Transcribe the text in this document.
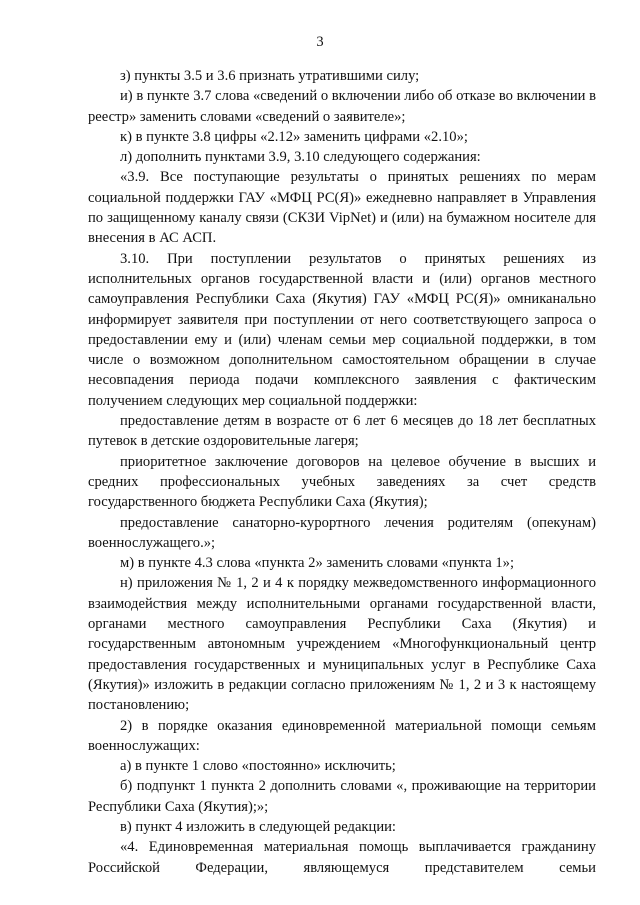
3

з) пункты 3.5 и 3.6 признать утратившими силу;

и) в пункте 3.7 слова «сведений о включении либо об отказе во включении в реестр» заменить словами «сведений о заявителе»;

к) в пункте 3.8 цифры «2.12» заменить цифрами «2.10»;

л) дополнить пунктами 3.9, 3.10 следующего содержания:

«3.9. Все поступающие результаты о принятых решениях по мерам социальной поддержки ГАУ «МФЦ РС(Я)» ежедневно направляет в Управления по защищенному каналу связи (СКЗИ VipNet) и (или) на бумажном носителе для внесения в АС АСП.

3.10. При поступлении результатов о принятых решениях из исполнительных органов государственной власти и (или) органов местного самоуправления Республики Саха (Якутия) ГАУ «МФЦ РС(Я)» омниканально информирует заявителя при поступлении от него соответствующего запроса о предоставлении ему и (или) членам семьи мер социальной поддержки, в том числе о возможном дополнительном самостоятельном обращении в случае несовпадения периода подачи комплексного заявления с фактическим получением следующих мер социальной поддержки:

предоставление детям в возрасте от 6 лет 6 месяцев до 18 лет бесплатных путевок в детские оздоровительные лагеря;

приоритетное заключение договоров на целевое обучение в высших и средних профессиональных учебных заведениях за счет средств государственного бюджета Республики Саха (Якутия);

предоставление санаторно-курортного лечения родителям (опекунам) военнослужащего.»;

м) в пункте 4.3 слова «пункта 2» заменить словами «пункта 1»;

н) приложения № 1, 2 и 4 к порядку межведомственного информационного взаимодействия между исполнительными органами государственной власти, органами местного самоуправления Республики Саха (Якутия) и государственным автономным учреждением «Многофункциональный центр предоставления государственных и муниципальных услуг в Республике Саха (Якутия)» изложить в редакции согласно приложениям № 1, 2 и 3 к настоящему постановлению;

2) в порядке оказания единовременной материальной помощи семьям военнослужащих:

а) в пункте 1 слово «постоянно» исключить;

б) подпункт 1 пункта 2 дополнить словами «, проживающие на территории Республики Саха (Якутия);»;

в) пункт 4 изложить в следующей редакции:

«4. Единовременная материальная помощь выплачивается гражданину Российской Федерации, являющемуся представителем семьи
